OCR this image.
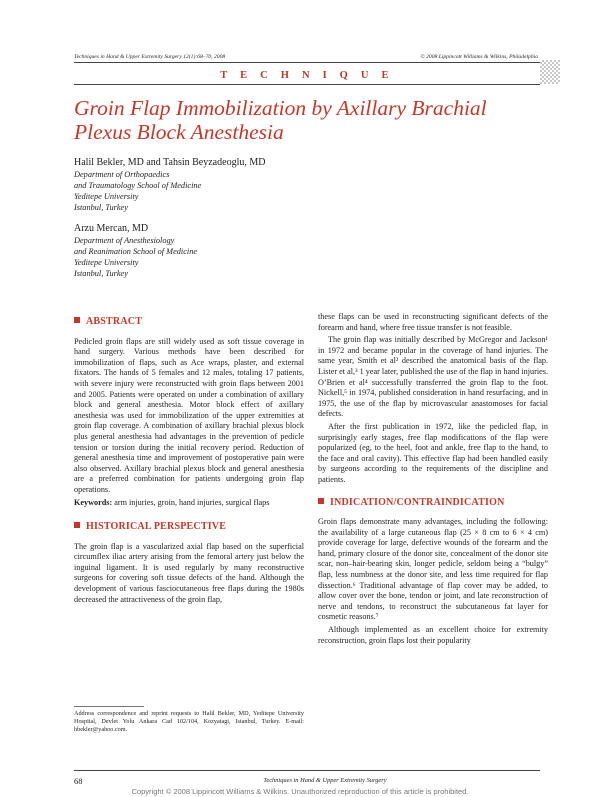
Techniques in Hand & Upper Extremity Surgery 12(1):68–70, 2008	© 2008 Lippincott Williams & Wilkins, Philadelphia
T E C H N I Q U E
Groin Flap Immobilization by Axillary Brachial
Plexus Block Anesthesia
Halil Bekler, MD and Tahsin Beyzadeoglu, MD
Department of Orthopaedics
and Traumatology School of Medicine
Yeditepe University
Istanbul, Turkey
Arzu Mercan, MD
Department of Anesthesiology
and Reanimation School of Medicine
Yeditepe University
Istanbul, Turkey
ABSTRACT

Pedicled groin flaps are still widely used as soft tissue coverage in hand surgery. Various methods have been described for immobilization of flaps, such as Ace wraps, plaster, and external fixators. The hands of 5 females and 12 males, totaling 17 patients, with severe injury were reconstructed with groin flaps between 2001 and 2005. Patients were operated on under a combination of axillary block and general anesthesia. Motor block effect of axillary anesthesia was used for immobilization of the upper extremities at groin flap coverage. A combination of axillary brachial plexus block plus general anesthesia had advantages in the prevention of pedicle tension or torsion during the initial recovery period. Reduction of general anesthesia time and improvement of postoperative pain were also observed. Axillary brachial plexus block and general anesthesia are a preferred combination for patients undergoing groin flap operations.

Keywords: arm injuries, groin, hand injuries, surgical flaps

HISTORICAL PERSPECTIVE

The groin flap is a vascularized axial flap based on the superficial circumflex iliac artery arising from the femoral artery just below the inguinal ligament. It is used regularly by many reconstructive surgeons for covering soft tissue defects of the hand. Although the development of various fasciocutaneous free flaps during the 1980s decreased the attractiveness of the groin flap,

Address correspondence and reprint requests to Halil Bekler, MD, Yeditepe University Hospital, Devlet Yolu Ankara Cad 102/104, Kozyatagi, Istanbul, Turkey. E-mail: hbekler@yahoo.com.

these flaps can be used in reconstructing significant defects of the forearm and hand, where free tissue transfer is not feasible.

The groin flap was initially described by McGregor and Jackson¹ in 1972 and became popular in the coverage of hand injuries. The same year, Smith et al² described the anatomical basis of the flap. Lister et al,³ 1 year later, published the use of the flap in hand injuries. O’Brien et al⁴ successfully transferred the groin flap to the foot. Nickell,⁵ in 1974, published consideration in hand resurfacing, and in 1975, the use of the flap by microvascular anastomoses for facial defects.

After the first publication in 1972, like the pedicled flap, in surprisingly early stages, free flap modifications of the flap were popularized (eg, to the heel, foot and ankle, free flap to the hand, to the face and oral cavity). This effective flap had been handled easily by surgeons according to the requirements of the discipline and patients.

INDICATION/CONTRAINDICATION

Groin flaps demonstrate many advantages, including the following: the availability of a large cutaneous flap (25 × 8 cm to 6 × 4 cm) provide coverage for large, defective wounds of the forearm and the hand, primary closure of the donor site, concealment of the donor site scar, non–hair-bearing skin, longer pedicle, seldom being a “bulgy” flap, less numbness at the donor site, and less time required for flap dissection.⁶ Traditional advantage of flap cover may be added, to allow cover over the bone, tendon or joint, and late reconstruction of nerve and tendons, to reconstruct the subcutaneous fat layer for cosmetic reasons.⁷

Although implemented as an excellent choice for extremity reconstruction, groin flaps lost their popularity

68	Techniques in Hand & Upper Extremity Surgery
Copyright © 2008 Lippincott Williams & Wilkins. Unauthorized reproduction of this article is prohibited.
